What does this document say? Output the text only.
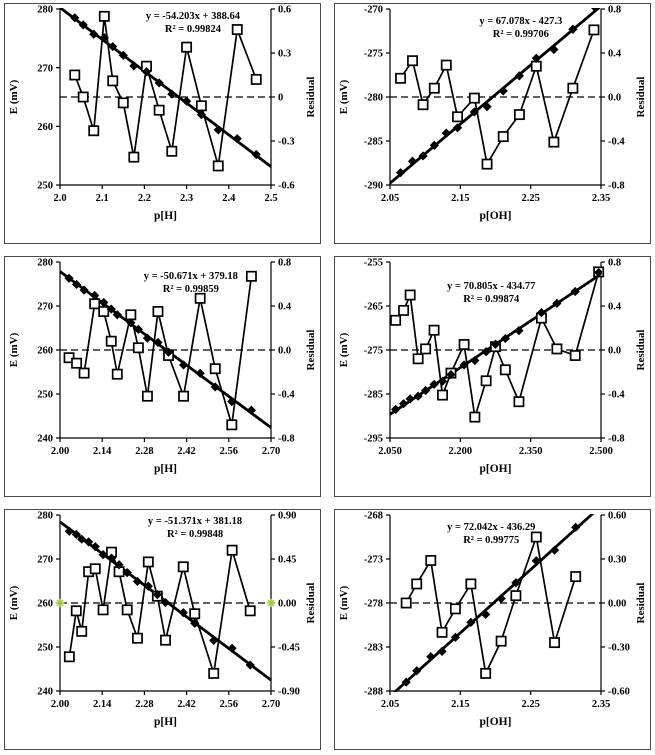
250
260
270
280
-0.6
-0.3
0
0.3
0.6
2.0	2.1	2.2	2.3	2.4	2.5
E (mV)	Residual
p[H]
y = -54.203x + 388.64
R² = 0.99824
-290
-285
-280
-275
-270
-0.8
-0.4
0.0
0.4
0.8
2.05	2.15	2.25	2.35
E (mV)	Residual
p[OH]
y = 67.078x - 427.3
R² = 0.99706
240
250
260
270
280
-0.8
-0.4
0.0
0.4
0.8
2.00 2.14 2.28 2.42 2.56 2.70
E (mV)	Residual
p[H]
y = -50.671x + 379.18
R² = 0.99859
-295
-285
-275
-265
-255
-0.8
-0.4
0.0
0.4
0.8
2.050	2.200	2.350	2.500
E (mV)	Residual
p[OH]
y = 70.805x - 434.77
R² = 0.99874
240
250
260
270
280
-0.90
-0.45
0.00
0.45
0.90
2.00 2.14 2.28 2.42 2.56 2.70
E (mV)	Residual
p[H]
y = -51.371x + 381.18
R² = 0.99848
-288
-283
-278
-273
-268
-0.60
-0.30
0.00
0.30
0.60
2.05	2.15	2.25	2.35
E (mV)	Residual
p[OH]
y = 72.042x - 436.29
R² = 0.99775
